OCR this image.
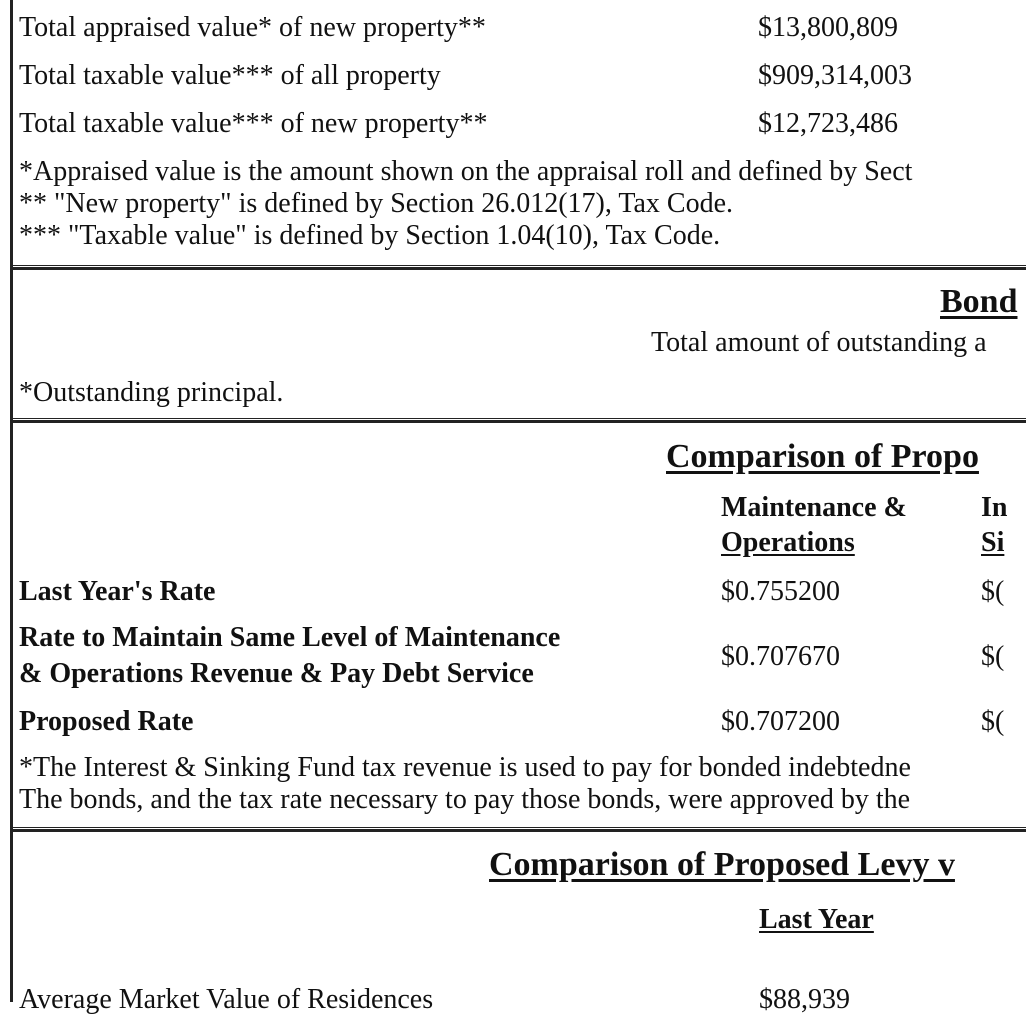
Total appraised value* of new property**	$13,800,809
Total taxable value*** of all property	$909,314,003
Total taxable value*** of new property**	$12,723,486
*Appraised value is the amount shown on the appraisal roll and defined by Sect
** "New property" is defined by Section 26.012(17), Tax Code.
*** "Taxable value" is defined by Section 1.04(10), Tax Code.
Bond
Total amount of outstanding a
*Outstanding principal.
Comparison of Propo
Maintenance &
Operations
In
Si
Last Year's Rate	$0.755200	$(
Rate to Maintain Same Level of Maintenance
& Operations Revenue & Pay Debt Service
$0.707670	$(
Proposed Rate	$0.707200	$(
*The Interest & Sinking Fund tax revenue is used to pay for bonded indebtedne
The bonds, and the tax rate necessary to pay those bonds, were approved by the
Comparison of Proposed Levy v
Last Year
Average Market Value of Residences	$88,939
